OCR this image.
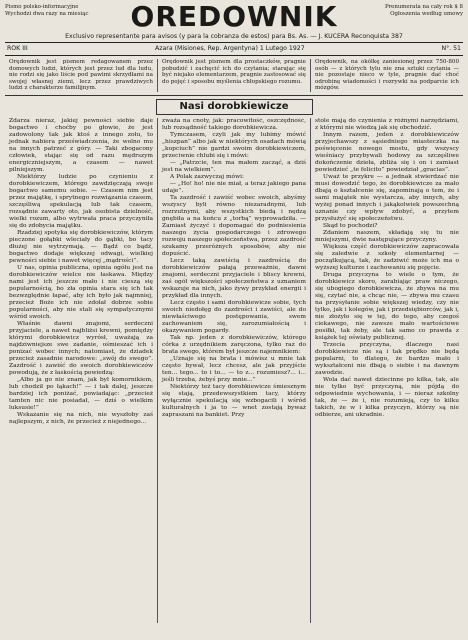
Pismo polsko-informacyjne
Wychodzi dwa razy na miesiąc	OREDOWNIK	Prenumerata na cały rok $ 8
Ogłoszenia według umowy
Exclusivo representante para avisos (y para la cobranza de estos) para Bs. As. — J. KUCERA Reconquista 387
ROK III	Azara (Misiones, Rep. Argentyna) 1 Lutego 1927	N°. 51
Orędownik jest pismem redagowanem przez domowych ludzi, których jest przez lud dla ludu, nie rodzi się jako liście pod pawimi skrzydłami na swojej własnej ziemi, lecz przez prawdziwych ludzi z charakterze familijnym.
Orędownik jest pismem dla prostaczków, pragnie pobudzić i zachęcić ich do czytania; starając się być niejako elementarzem, pragnie zastosować się do pojęć i sposobu myślenia chłopskiego rozumu.
Orędownik, na okólkę zaniesionej przez 750-800 osób — z których tylu nie zna sztuki czytania — nie pozostaje nieco w tyle, pragnie dać choć odrobinę wiadomości i rozrywki na podparcie ich mózgów.
Nasi dorobkiewicze

Zdarza nieraz, jakiej pewności siebie daje bogactwo i choćby po głowie, że jest zadowolony tak jak ktoś z innego zołu, to jednak nabiera przeświadczenia, że wolno mu na innych patrzeć z góry. — Taki zbogacony człowiek, stając się od razu mędrszym energiczniejszym, a czasem — nawet pilniejszym.

Niektórzy ludzie po czynieniu z dorobkiewiczem, którego zawdzięczają swoje bogactwo samemu sobie. — Czasem nim jest przez majątkę, i sprytnego rozwiązania czasem, szczęśliwą spekulacją lub tak czasem, rozsądnie zawarty oto, jak osobista dzielność, wielki rozum, albo wytrwała praca przyczyniła się do zdobycia majątku.

Rzadziej spotyka się dorobkiewiczów, którym pieczone gołąbki wleciały do gąbki, bo tacy dłużej nie wytrzymają. — Bądź co bądź, bogactwo dodaje większej odwagi, wielkiej pewności siebie i nawet więcej „mądrości”.

U nas, opinia publiczna, opinia ogółu jest na dorobkiewiczów wielce nie łaskawa. Między nami jest ich jeszcze mało i nie cieszą się popularnością, bo zła opinia stara się ich tak bezwzględnie łapać, aby ich było jak najmniej, przecież Boże ich nie zdołał dobrze sobie popularności, aby nie stali się sympatycznymi wśród swoich.

Właśnie dawni znajomi, serdeczni przyjaciele, a nawet najbliżsi krewni, pomiędzy którymi dorobkiewicz wyrósł, uważają za najdziwniejsze swe zadanie, ośmieszać ich i ponizać wobec innych; natomiast, że dziadek przecież zasadnie narodowe: „swój do swego”. Zazdrość i zawiść do swoich dorobkiewiczów powodują, że z łaskością powiedzą:

„Albo ja go nie znam, jak był komornikiem, lub chodził po łąkach!” — i tak dalej, jeszcze bardziej ich poniżać, powiadając: „przecież tamten nic nie posiadał, — dziś o wielkim luksusie!”

Wskazanie się na nich, nie wyszłoby zaś najlepszym, z nich, że przecież z niejednego...

zważa na cnoty, jak: pracowitość, oszczędność, lub rozsądność takiego dorobkiewicza.

Tymczasem, czyli jak my lubimy mówić „hiszpan” albo jak w niektórych osadach mówią „kopciuch” nie gardzi swoim dorobkiewiczem, przeciwnie chlubi się i mówi:

— „Patrzcie, ten ma małem zacząć, a dziś jest na wielkiem”.

A Polak zazwyczaj mówi:

— „Ho! ho! nie nie miał, a teraz jakiego pana udaje”.

Ta zazdrość i zawiść wobec swoich, abyśmy wszyscy byli równo niezaradnymi, lub rozrzutnymi, aby wszystkich biedą i nędzą gnębiła a na końcu z „torbą” wyprowadziła. — Zamiast życzyć i dopomagać do podniesienia naszego życia gospodarczego i zdrowego rozwoju naszego społeczeństwa, przez zazdrość szukamy przeróżnych sposobów, aby nie dopuścić.

Lecz taką zawiścią i zazdrością do dorobkiewiczów pałają przeważnie, dawni znajomi, serdeczni przyjaciele i bliscy krewni, zaś ogół większości społeczeństwa z uznaniem wskazuje na nich, jako żywy przykład energii i przykład dla innych.

Lecz często i sami dorobkiewicze sobie, tych swoich niedołęg do zazdrości i zawiści, ale do niewłaściwego postępowania, swem zachowaniem się, zarozumiałością i okazywaniem pogardy.

Tak np. jeden z dorobkiewiczów, którego córka z urzędnikiem zaręczona, tylko raz do brata swego, którem był jeszcze najemnikiem:

„Uznaje się na brata i mówisz u mnie tak często bywał, lecz chcesz, ale jak przyjście ten... tego... to i to... — to z... rozumiesz?... i... jeśli trzeba, żebyś przy mnie...”

Niektórzy też tacy dorobkiewicze śmiesznym się stają, przedewszystkiem tacy, którzy wyłącznie spekulacją się wzbogacili i wśród kulturalnych i ja to — wnet zostają byważ zapraszani na bankiet. Przy

stole mają do czynienia z różnymi narzędziami, z którymi nie wiedzą jak się obchodzić.

Innym razem, jeden z dorobkiewiczów przyjechawszy z sąsiedniego miasteczka na poświęcenie nowego mostu, gdy wszyscy wieśniacy przybywali hodowy za szczęśliwe dokończenie dzieła, zbliża się i on i zamiast powiedzieć „te felicito” powiedział „gracias”.

Uważ te przykre — a jednak stwierdzać nie musi dowodzić tego, że dorobkiewicze za mało dbają o kształcenie się, zapominają o tem, że i sami majątek nie wystarcza, aby innych, aby wyżej ponad innych i jakąkolwiek powszechną uznanie czy wpływ zdobyć, a przytem przysłużyć się społeczeństwu.

Skąd to pochodzi?

Zdaniem naszem, składają się tu nie mniejszymi, dwie następujące przyczyny.

Większa część dorobkiewiczów zapracowała się zaledwie z szkoły elementarnej — początkującą, tak, że zadziwić może ich ma o wyższej kulturze i zachowaniu się pojęcie.

Druga przyczyna to wiele o tym, że dorobkiewicz skoro, zarabiając praw niczego, się ubogiego dorobkiewicza, że zbywa na mu się, czytać nie, a chcąc nie, — zbywa mu czasu na przysyłanie sobie większej wiedzy, czy nie tylko, jak i kolegów, jak i przedsiębiorców, jak i, nie złożyło się w tej, do tego, aby czegoś ciekawego, nie zawsze mało wartościowe posiłki, tak żeby, ale tak samo co prawda z książek tej oświaty publicznej.

Trzecia przyczyna, dlaczego nasi dorobkiewicze nie są i tak prędko nie będą popularni, to dlatego, że bardzo mało i wykształceni nie dbają o siebie i na dawnym zawodzie.

Wola dać nawet dziecinne po kilka, tak, ale nie tylko być przyczyną, nie pójdą do odpowiednie wychowania, i — nieraz szkolny tak, że — że i, nie rozumieją, czy to kilku takich, że w i kilka przyczyn, którzy są nie odbierze, ani ukradnie.
